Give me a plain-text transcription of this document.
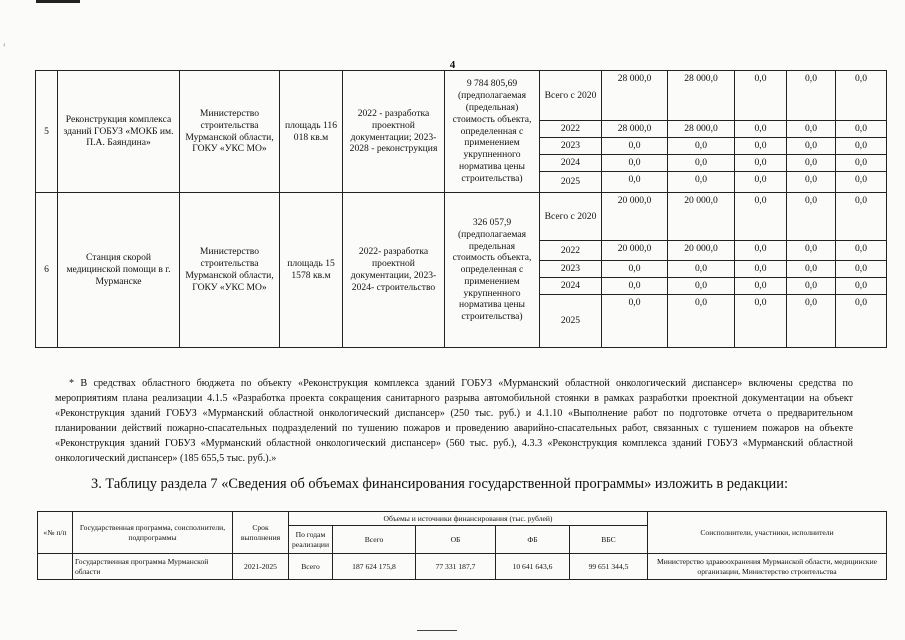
‹
4
5	Реконструкция комплекса зданий ГОБУЗ «МОКБ им. П.А. Баяндина»	Министерство строительства Мурманской области, ГОКУ «УКС МО»	площадь 116 018 кв.м	2022 - разработка проектной документации; 2023-2028 - реконструкция	9 784 805,69 (предполагаемая (предельная) стоимость объекта, определенная с применением укрупненного норматива цены строительства)	Всего с 2020	28 000,0	28 000,0	0,0	0,0	0,0
						2022	28 000,0	28 000,0	0,0	0,0	0,0
						2023	0,0	0,0	0,0	0,0	0,0
						2024	0,0	0,0	0,0	0,0	0,0
						2025	0,0	0,0	0,0	0,0	0,0
6	Станция скорой медицинской помощи в г. Мурманске	Министерство строительства Мурманской области, ГОКУ «УКС МО»	площадь 15 1578 кв.м	2022- разработка проектной документации, 2023-2024- строительство	326 057,9 (предполагаемая предельная стоимость объекта, определенная с применением укрупненного норматива цены строительства)	Всего с 2020	20 000,0	20 000,0	0,0	0,0	0,0
						2022	20 000,0	20 000,0	0,0	0,0	0,0
						2023	0,0	0,0	0,0	0,0	0,0
						2024	0,0	0,0	0,0	0,0	0,0
						2025	0,0	0,0	0,0	0,0	0,0

* В средствах областного бюджета по объекту «Реконструкция комплекса зданий ГОБУЗ «Мурманский областной онкологический диспансер» включены средства по мероприятиям плана реализации 4.1.5 «Разработка проекта сокращения санитарного разрыва автомобильной стоянки в рамках разработки проектной документации на объект «Реконструкция зданий ГОБУЗ «Мурманский областной онкологический диспансер» (250 тыс. руб.) и 4.1.10 «Выполнение работ по подготовке отчета о предварительном планировании действий пожарно-спасательных подразделений по тушению пожаров и проведению аварийно-спасательных работ, связанных с тушением пожаров на объекте «Реконструкция зданий ГОБУЗ «Мурманский областной онкологический диспансер» (560 тыс. руб.), 4.3.3 «Реконструкция комплекса зданий ГОБУЗ «Мурманский областной онкологический диспансер» (185 655,5 тыс. руб.).»

3. Таблицу раздела 7 «Сведения об объемах финансирования государственной программы» изложить в редакции:
«№ п/п	Государственная программа, соисполнители, подпрограммы	Срок выполнения	Объемы и источники финансирования (тыс. рублей)					Соисполнители, участники, исполнители
			По годам реализации	Всего	ОБ	ФБ	ВБС	
	Государственная программа Мурманской области	2021-2025	Всего	187 624 175,8	77 331 187,7	10 641 643,6	99 651 344,5	Министерство здравоохранения Мурманской области, медицинские организации, Министерство строительства
